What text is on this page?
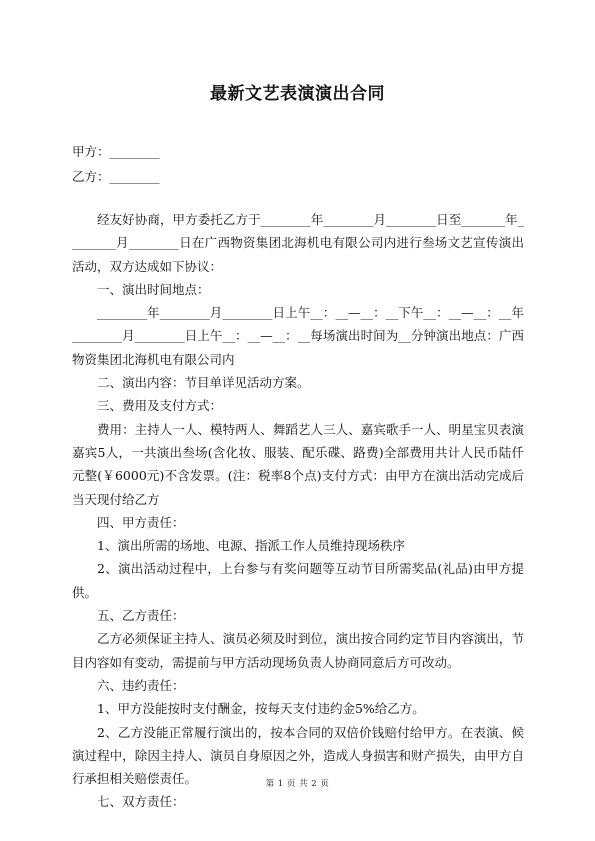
最新文艺表演演出合同
甲方：________
乙方：________

经友好协商，甲方委托乙方于________年________月________日至_______年________月________日在广西物资集团北海机电有限公司内进行叁场文艺宣传演出活动，双方达成如下协议：

一、演出时间地点：

________年________月________日上午__：__—__：__下午__：__—__：__年________月________日上午__：__—__：__每场演出时间为__分钟演出地点：广西物资集团北海机电有限公司内

二、演出内容：节目单详见活动方案。

三、费用及支付方式：

费用：主持人一人、模特两人、舞蹈艺人三人、嘉宾歌手一人、明星宝贝表演嘉宾5人，一共演出叁场(含化妆、服装、配乐碟、路费)全部费用共计人民币陆仟元整(￥6000元)不含发票。(注：税率8个点)支付方式：由甲方在演出活动完成后当天现付给乙方

四、甲方责任：

1、演出所需的场地、电源、指派工作人员维持现场秩序

2、演出活动过程中，上台参与有奖问题等互动节目所需奖品(礼品)由甲方提供。

五、乙方责任：

乙方必须保证主持人、演员必须及时到位，演出按合同约定节目内容演出，节目内容如有变动，需提前与甲方活动现场负责人协商同意后方可改动。

六、违约责任：

1、甲方没能按时支付酬金，按每天支付违约金5%给乙方。

2、乙方没能正常履行演出的，按本合同的双倍价钱赔付给甲方。在表演、候演过程中，除因主持人、演员自身原因之外，造成人身损害和财产损失，由甲方自行承担相关赔偿责任。

七、双方责任：

第 1 页 共 2 页
